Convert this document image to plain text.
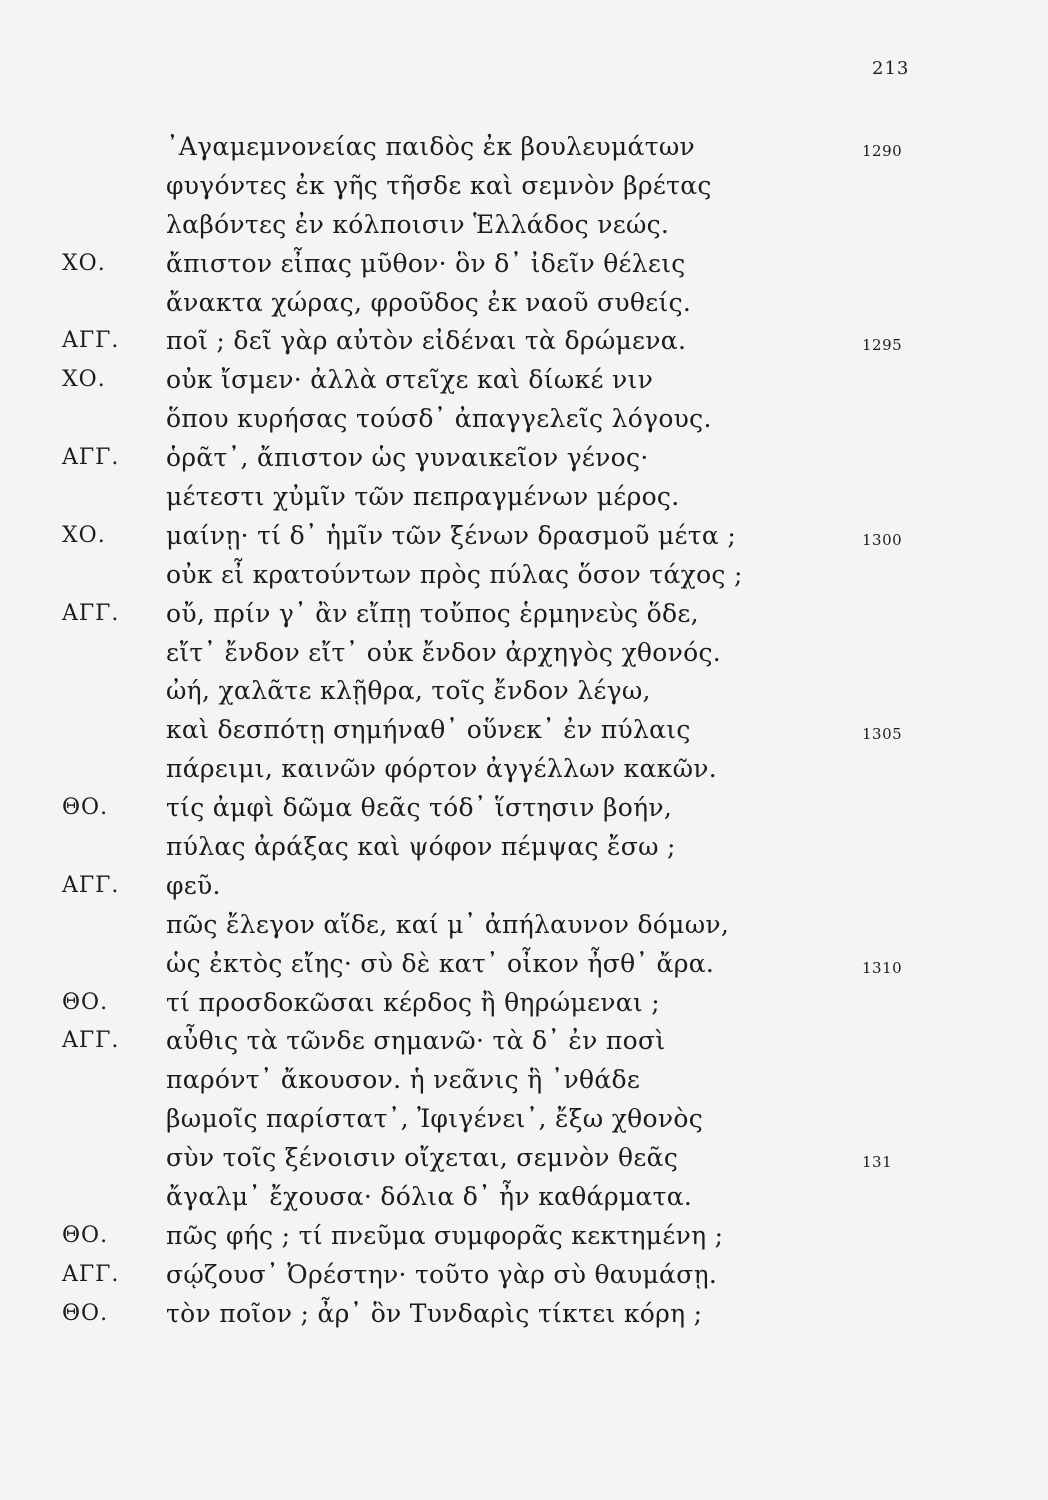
213
᾿Αγαμεμνονείας παιδὸς ἐκ βουλευμάτων	1290
φυγόντες ἐκ γῆς τῆσδε καὶ σεμνὸν βρέτας
λαβόντες ἐν κόλποισιν Ἑλλάδος νεώς.
ΧΟ. ἄπιστον εἶπας μῦθον· ὃν δ᾿ ἰδεῖν θέλεις
ἄνακτα χώρας, φροῦδος ἐκ ναοῦ συθείς.
ΑΓΓ. ποῖ ; δεῖ γὰρ αὐτὸν εἰδέναι τὰ δρώμενα.	1295
ΧΟ. οὐκ ἴσμεν· ἀλλὰ στεῖχε καὶ δίωκέ νιν
ὅπου κυρήσας τούσδ᾿ ἀπαγγελεῖς λόγους.
ΑΓΓ. ὁρᾶτ᾿, ἄπιστον ὡς γυναικεῖον γένος·
μέτεστι χὐμῖν τῶν πεπραγμένων μέρος.
ΧΟ. μαίνῃ· τί δ᾿ ἡμῖν τῶν ξένων δρασμοῦ μέτα ;	1300
οὐκ εἶ κρατούντων πρὸς πύλας ὅσον τάχος ;
ΑΓΓ. οὔ, πρίν γ᾿ ἂν εἴπῃ τοὔπος ἑρμηνεὺς ὅδε,
εἴτ᾿ ἔνδον εἴτ᾿ οὐκ ἔνδον ἀρχηγὸς χθονός.
ὠή, χαλᾶτε κλῇθρα, τοῖς ἔνδον λέγω,
καὶ δεσπότῃ σημήναθ᾿ οὕνεκ᾿ ἐν πύλαις	1305
πάρειμι, καινῶν φόρτον ἀγγέλλων κακῶν.
ΘΟ. τίς ἀμφὶ δῶμα θεᾶς τόδ᾿ ἵστησιν βοήν,
πύλας ἀράξας καὶ ψόφον πέμψας ἔσω ;
ΑΓΓ. φεῦ.
πῶς ἔλεγον αἵδε, καί μ᾿ ἀπήλαυνον δόμων,
ὡς ἐκτὸς εἴης· σὺ δὲ κατ᾿ οἶκον ἦσθ᾿ ἄρα.	1310
ΘΟ. τί προσδοκῶσαι κέρδος ἢ θηρώμεναι ;
ΑΓΓ. αὖθις τὰ τῶνδε σημανῶ· τὰ δ᾿ ἐν ποσὶ
παρόντ᾿ ἄκουσον. ἡ νεᾶνις ἣ ᾿νθάδε
βωμοῖς παρίστατ᾿, Ἰφιγένει᾿, ἔξω χθονὸς
σὺν τοῖς ξένοισιν οἴχεται, σεμνὸν θεᾶς	131
ἄγαλμ᾿ ἔχουσα· δόλια δ᾿ ἦν καθάρματα.
ΘΟ. πῶς φής ; τί πνεῦμα συμφορᾶς κεκτημένη ;
ΑΓΓ. σῴζουσ᾿ Ὀρέστην· τοῦτο γὰρ σὺ θαυμάσῃ.
ΘΟ. τὸν ποῖον ; ἆρ᾿ ὃν Τυνδαρὶς τίκτει κόρη ;
